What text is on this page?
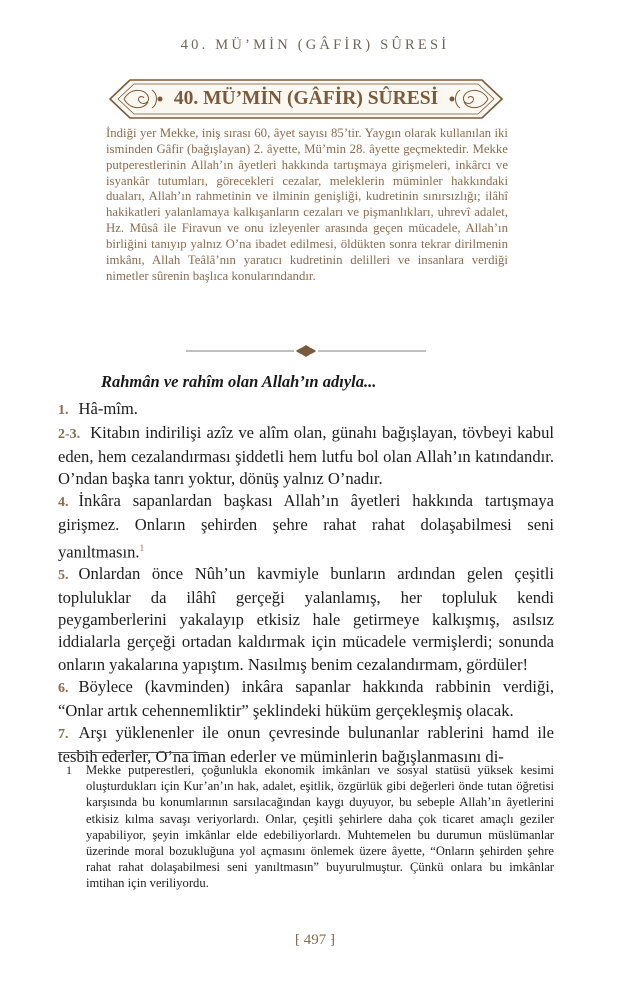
40. MÜ’MİN (GÂFİR) SÛRESİ
40. MÜ’MİN (GÂFİR) SÛRESİ
İndiği yer Mekke, iniş sırası 60, âyet sayısı 85’tir. Yaygın olarak kullanılan iki isminden Gâfir (bağışlayan) 2. âyette, Mü’min 28. âyette geçmektedir. Mekke putperestlerinin Allah’ın âyetleri hakkında tartışmaya girişmeleri, inkârcı ve isyankâr tutumları, görecekleri cezalar, meleklerin müminler hakkındaki duaları, Allah’ın rahmetinin ve ilminin genişliği, kudretinin sınırsızlığı; ilâhî hakikatleri yalanlamaya kalkışanların cezaları ve pişmanlıkları, uhrevî adalet, Hz. Mûsâ ile Firavun ve onu izleyenler arasında geçen mücadele, Allah’ın birliğini tanıyıp yalnız O’na ibadet edilmesi, öldükten sonra tekrar dirilmenin imkânı, Allah Teâlâ’nın yaratıcı kudretinin delilleri ve insanlara verdiği nimetler sûrenin başlıca konularındandır.
Rahmân ve rahîm olan Allah’ın adıyla...
1. Hâ-mîm.
2-3. Kitabın indirilişi azîz ve alîm olan, günahı bağışlayan, tövbeyi kabul eden, hem cezalandırması şiddetli hem lutfu bol olan Allah’ın katındandır. O’ndan başka tanrı yoktur, dönüş yalnız O’nadır.
4. İnkâra sapanlardan başkası Allah’ın âyetleri hakkında tartışmaya girişmez. Onların şehirden şehre rahat rahat dolaşabilmesi seni yanıltmasın.$^1$
5. Onlardan önce Nûh’un kavmiyle bunların ardından gelen çeşitli topluluklar da ilâhî gerçeği yalanlamış, her topluluk kendi peygamberlerini yakalayıp etkisiz hale getirmeye kalkışmış, asılsız iddialarla gerçeği ortadan kaldırmak için mücadele vermişlerdi; sonunda onların yakalarına yapıştım. Nasılmış benim cezalandırmam, gördüler!
6. Böylece (kavminden) inkâra sapanlar hakkında rabbinin verdiği, “Onlar artık cehennemliktir” şeklindeki hüküm gerçekleşmiş olacak.
7. Arşı yüklenenler ile onun çevresinde bulunanlar rablerini hamd ile tesbih ederler, O’na iman ederler ve müminlerin bağışlanmasını di-
1 Mekke putperestleri, çoğunlukla ekonomik imkânları ve sosyal statüsü yüksek kesimi oluşturdukları için Kur’an’ın hak, adalet, eşitlik, özgürlük gibi değerleri önde tutan öğretisi karşısında bu konumlarının sarsılacağından kaygı duyuyor, bu sebeple Allah’ın âyetlerini etkisiz kılma savaşı veriyorlardı. Onlar, çeşitli şehirlere daha çok ticaret amaçlı geziler yapabiliyor, şeyin imkânlar elde edebiliyorlardı. Muhtemelen bu durumun müslümanlar üzerinde moral bozukluğuna yol açmasını önlemek üzere âyette, “Onların şehirden şehre rahat rahat dolaşabilmesi seni yanıltmasın” buyurulmuştur. Çünkü onlara bu imkânlar imtihan için veriliyordu.
⁅ 497 ⁆
